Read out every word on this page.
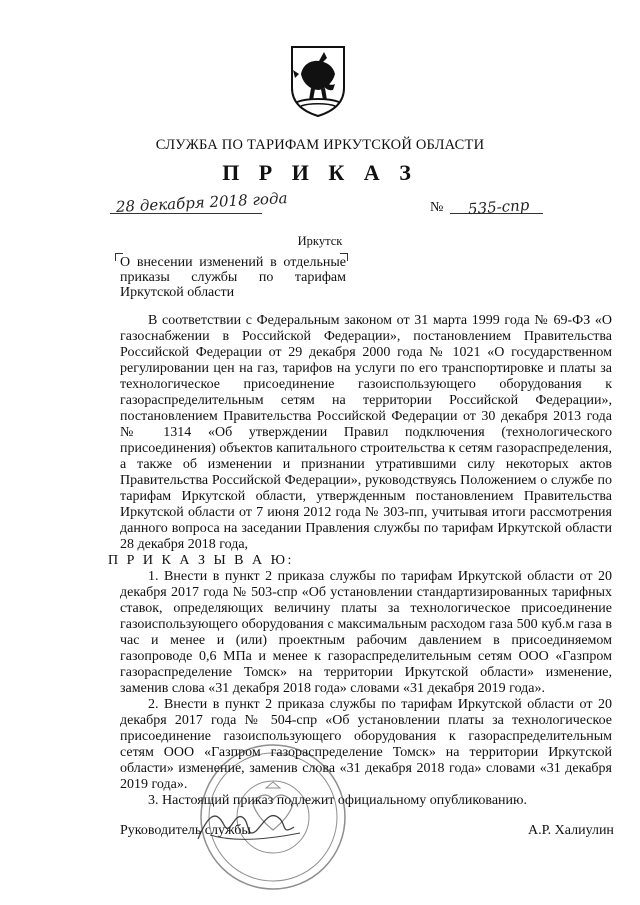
СЛУЖБА ПО ТАРИФАМ ИРКУТСКОЙ ОБЛАСТИ
П Р И К А З
28 декабря 2018 года	№ 535-спр
Иркутск
О внесении изменений в отдельные приказы службы по тарифам Иркутской области

В соответствии с Федеральным законом от 31 марта 1999 года № 69-ФЗ «О газоснабжении в Российской Федерации», постановлением Правительства Российской Федерации от 29 декабря 2000 года № 1021 «О государственном регулировании цен на газ, тарифов на услуги по его транспортировке и платы за технологическое присоединение газоиспользующего оборудования к газораспределительным сетям на территории Российской Федерации», постановлением Правительства Российской Федерации от 30 декабря 2013 года № 1314 «Об утверждении Правил подключения (технологического присоединения) объектов капитального строительства к сетям газораспределения, а также об изменении и признании утратившими силу некоторых актов Правительства Российской Федерации», руководствуясь Положением о службе по тарифам Иркутской области, утвержденным постановлением Правительства Иркутской области от 7 июня 2012 года № 303-пп, учитывая итоги рассмотрения данного вопроса на заседании Правления службы по тарифам Иркутской области 28 декабря 2018 года,

П Р И К А З Ы В А Ю:

1. Внести в пункт 2 приказа службы по тарифам Иркутской области от 20 декабря 2017 года № 503-спр «Об установлении стандартизированных тарифных ставок, определяющих величину платы за технологическое присоединение газоиспользующего оборудования с максимальным расходом газа 500 куб.м газа в час и менее и (или) проектным рабочим давлением в присоединяемом газопроводе 0,6 МПа и менее к газораспределительным сетям ООО «Газпром газораспределение Томск» на территории Иркутской области» изменение, заменив слова «31 декабря 2018 года» словами «31 декабря 2019 года».

2. Внести в пункт 2 приказа службы по тарифам Иркутской области от 20 декабря 2017 года № 504-спр «Об установлении платы за технологическое присоединение газоиспользующего оборудования к газораспределительным сетям ООО «Газпром газораспределение Томск» на территории Иркутской области» изменение, заменив слова «31 декабря 2018 года» словами «31 декабря 2019 года».

3. Настоящий приказ подлежит официальному опубликованию.

Руководитель службы	А.Р. Халиулин
